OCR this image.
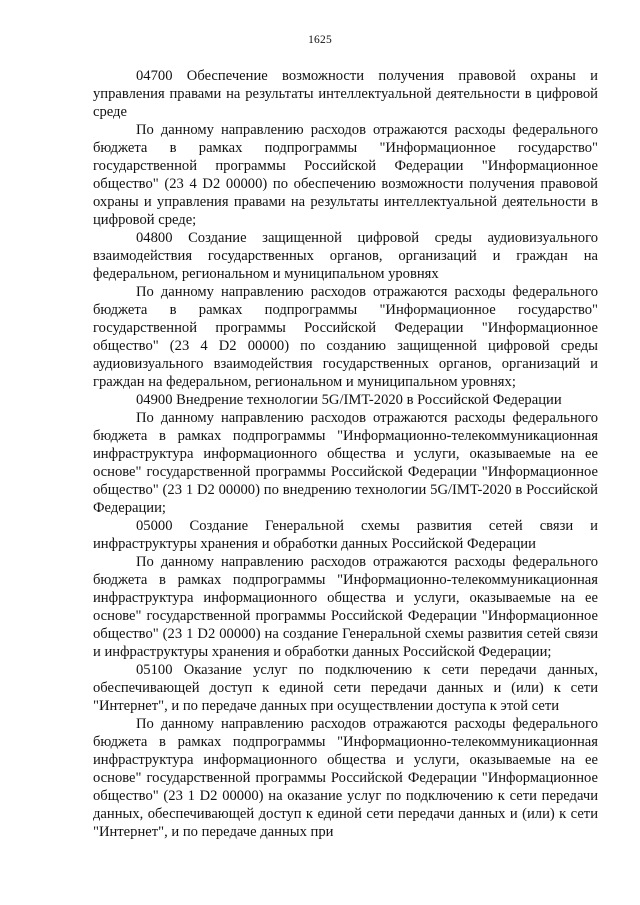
1625

04700 Обеспечение возможности получения правовой охраны и управления правами на результаты интеллектуальной деятельности в цифровой среде

По данному направлению расходов отражаются расходы федерального бюджета в рамках подпрограммы "Информационное государство" государственной программы Российской Федерации "Информационное общество" (23 4 D2 00000) по обеспечению возможности получения правовой охраны и управления правами на результаты интеллектуальной деятельности в цифровой среде;

04800 Создание защищенной цифровой среды аудиовизуального взаимодействия государственных органов, организаций и граждан на федеральном, региональном и муниципальном уровнях

По данному направлению расходов отражаются расходы федерального бюджета в рамках подпрограммы "Информационное государство" государственной программы Российской Федерации "Информационное общество" (23 4 D2 00000) по созданию защищенной цифровой среды аудиовизуального взаимодействия государственных органов, организаций и граждан на федеральном, региональном и муниципальном уровнях;

04900 Внедрение технологии 5G/IMT-2020 в Российской Федерации

По данному направлению расходов отражаются расходы федерального бюджета в рамках подпрограммы "Информационно-телекоммуникационная инфраструктура информационного общества и услуги, оказываемые на ее основе" государственной программы Российской Федерации "Информационное общество" (23 1 D2 00000) по внедрению технологии 5G/IMT-2020 в Российской Федерации;

05000 Создание Генеральной схемы развития сетей связи и инфраструктуры хранения и обработки данных Российской Федерации

По данному направлению расходов отражаются расходы федерального бюджета в рамках подпрограммы "Информационно-телекоммуникационная инфраструктура информационного общества и услуги, оказываемые на ее основе" государственной программы Российской Федерации "Информационное общество" (23 1 D2 00000) на создание Генеральной схемы развития сетей связи и инфраструктуры хранения и обработки данных Российской Федерации;

05100 Оказание услуг по подключению к сети передачи данных, обеспечивающей доступ к единой сети передачи данных и (или) к сети "Интернет", и по передаче данных при осуществлении доступа к этой сети

По данному направлению расходов отражаются расходы федерального бюджета в рамках подпрограммы "Информационно-телекоммуникационная инфраструктура информационного общества и услуги, оказываемые на ее основе" государственной программы Российской Федерации "Информационное общество" (23 1 D2 00000) на оказание услуг по подключению к сети передачи данных, обеспечивающей доступ к единой сети передачи данных и (или) к сети "Интернет", и по передаче данных при
